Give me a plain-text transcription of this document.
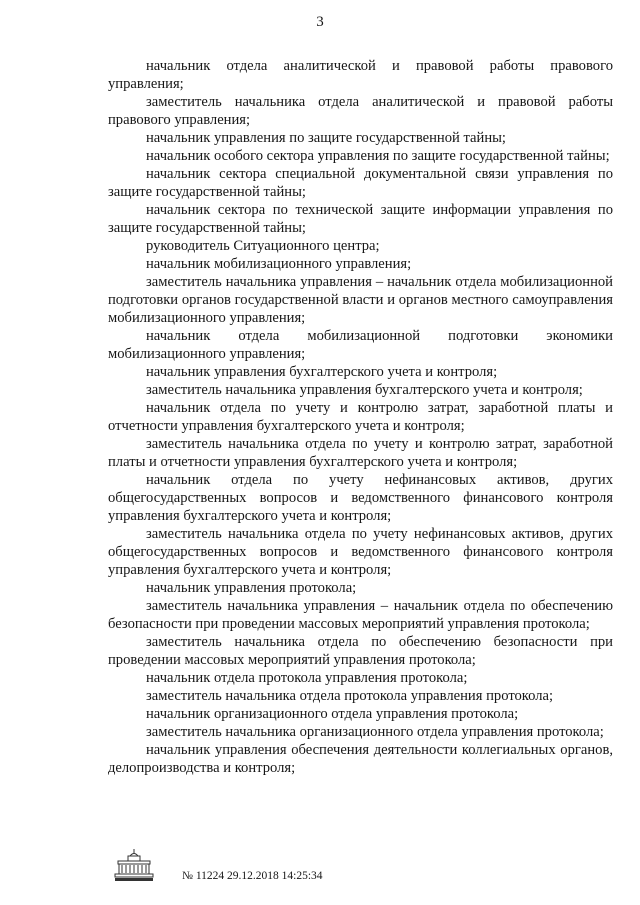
3

начальник отдела аналитической и правовой работы правового управления;

заместитель начальника отдела аналитической и правовой работы правового управления;

начальник управления по защите государственной тайны;

начальник особого сектора управления по защите государственной тайны;

начальник сектора специальной документальной связи управления по защите государственной тайны;

начальник сектора по технической защите информации управления по защите государственной тайны;

руководитель Ситуационного центра;

начальник мобилизационного управления;

заместитель начальника управления – начальник отдела мобилизационной подготовки органов государственной власти и органов местного самоуправления мобилизационного управления;

начальник отдела мобилизационной подготовки экономики мобилизационного управления;

начальник управления бухгалтерского учета и контроля;

заместитель начальника управления бухгалтерского учета и контроля;

начальник отдела по учету и контролю затрат, заработной платы и отчетности управления бухгалтерского учета и контроля;

заместитель начальника отдела по учету и контролю затрат, заработной платы и отчетности управления бухгалтерского учета и контроля;

начальник отдела по учету нефинансовых активов, других общегосударственных вопросов и ведомственного финансового контроля управления бухгалтерского учета и контроля;

заместитель начальника отдела по учету нефинансовых активов, других общегосударственных вопросов и ведомственного финансового контроля управления бухгалтерского учета и контроля;

начальник управления протокола;

заместитель начальника управления – начальник отдела по обеспечению безопасности при проведении массовых мероприятий управления протокола;

заместитель начальника отдела по обеспечению безопасности при проведении массовых мероприятий управления протокола;

начальник отдела протокола управления протокола;

заместитель начальника отдела протокола управления протокола;

начальник организационного отдела управления протокола;

заместитель начальника организационного отдела управления протокола;

начальник управления обеспечения деятельности коллегиальных органов, делопроизводства и контроля;

№ 11224 29.12.2018 14:25:34
